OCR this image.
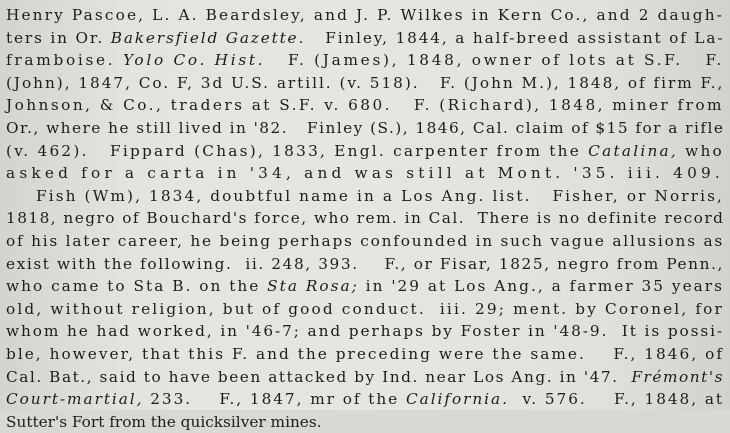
Henry Pascoe, L. A. Beardsley, and J. P. Wilkes in Kern Co., and 2 daugh-
ters in Or. Bakersfield Gazette.   Finley, 1844, a half-breed assistant of La-
framboise. Yolo Co. Hist.   F. (James), 1848, owner of lots at S.F.   F.
(John), 1847, Co. F, 3d U.S. artill. (v. 518).   F. (John M.), 1848, of firm F.,
Johnson, & Co., traders at S.F. v. 680.   F. (Richard), 1848, miner from
Or., where he still lived in '82.   Finley (S.), 1846, Cal. claim of $15 for a rifle
(v. 462).   Fippard (Chas), 1833, Engl. carpenter from the Catalina, who
asked for a carta in '34, and was still at Mont. '35. iii. 409.
Fish (Wm), 1834, doubtful name in a Los Ang. list.   Fisher, or Norris,
1818, negro of Bouchard's force, who rem. in Cal.  There is no definite record
of his later career, he being perhaps confounded in such vague allusions as
exist with the following.  ii. 248, 393.    F., or Fisar, 1825, negro from Penn.,
who came to Sta B. on the Sta Rosa; in '29 at Los Ang., a farmer 35 years
old, without religion, but of good conduct.  iii. 29; ment. by Coronel, for
whom he had worked, in '46-7; and perhaps by Foster in '48-9.  It is possi-
ble, however, that this F. and the preceding were the same.    F., 1846, of
Cal. Bat., said to have been attacked by Ind. near Los Ang. in '47.  Frémont's
Court-martial, 233.    F., 1847, mr of the California.  v. 576.    F., 1848, at
Sutter's Fort from the quicksilver mines.
